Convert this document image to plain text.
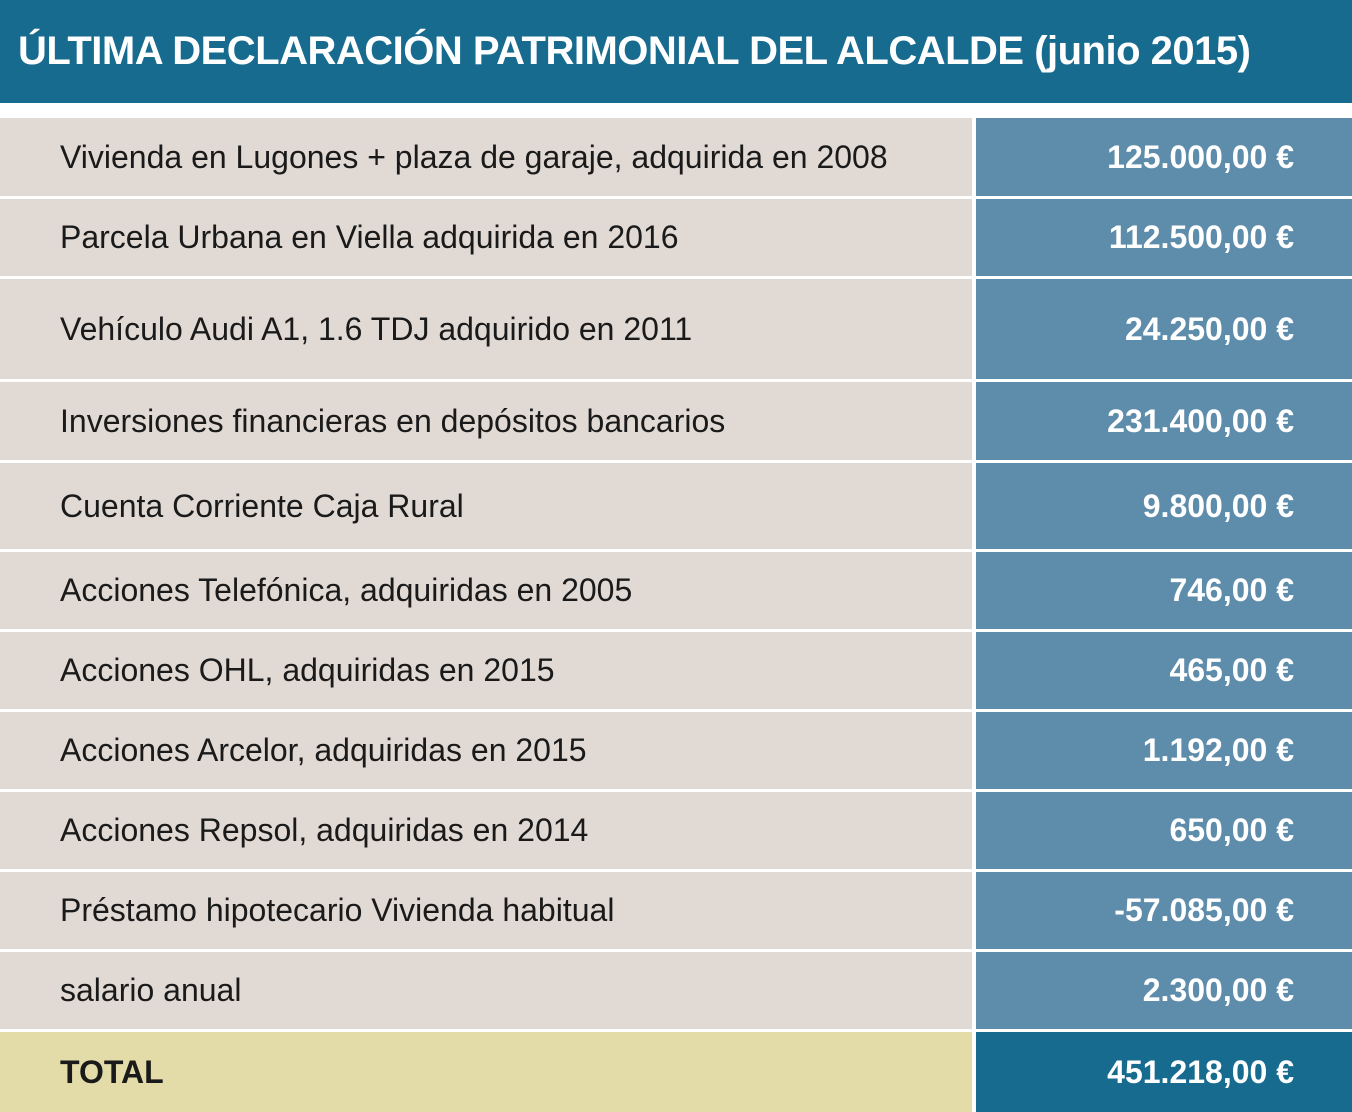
ÚLTIMA DECLARACIÓN PATRIMONIAL DEL ALCALDE (junio 2015)
Vivienda en Lugones + plaza de garaje, adquirida en 2008	125.000,00 €
Parcela Urbana en Viella adquirida en 2016	112.500,00 €
Vehículo Audi A1, 1.6 TDJ adquirido en 2011	24.250,00 €
Inversiones financieras en depósitos bancarios	231.400,00 €
Cuenta Corriente Caja Rural	9.800,00 €
Acciones Telefónica, adquiridas en 2005	746,00 €
Acciones OHL, adquiridas en 2015	465,00 €
Acciones Arcelor, adquiridas en 2015	1.192,00 €
Acciones Repsol, adquiridas en 2014	650,00 €
Préstamo hipotecario Vivienda habitual	-57.085,00 €
salario anual	2.300,00 €
TOTAL	451.218,00 €
